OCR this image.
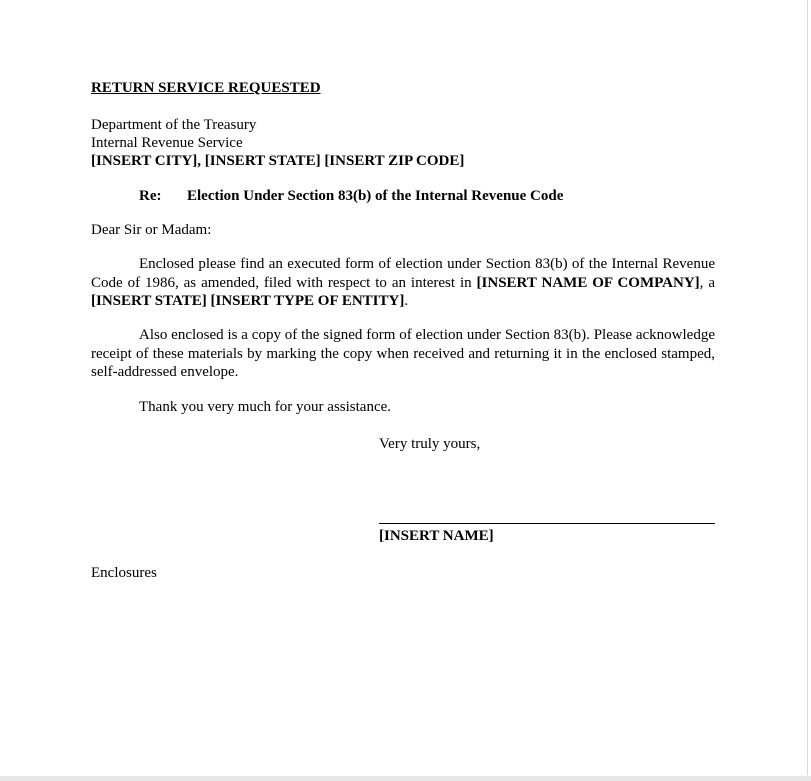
RETURN SERVICE REQUESTED
Department of the Treasury
Internal Revenue Service
[INSERT CITY], [INSERT STATE] [INSERT ZIP CODE]
Re: Election Under Section 83(b) of the Internal Revenue Code
Dear Sir or Madam:
Enclosed please find an executed form of election under Section 83(b) of the Internal Revenue Code of 1986, as amended, filed with respect to an interest in [INSERT NAME OF COMPANY], a [INSERT STATE] [INSERT TYPE OF ENTITY].
Also enclosed is a copy of the signed form of election under Section 83(b). Please acknowledge receipt of these materials by marking the copy when received and returning it in the enclosed stamped, self-addressed envelope.
Thank you very much for your assistance.
Very truly yours,
[INSERT NAME]
Enclosures
